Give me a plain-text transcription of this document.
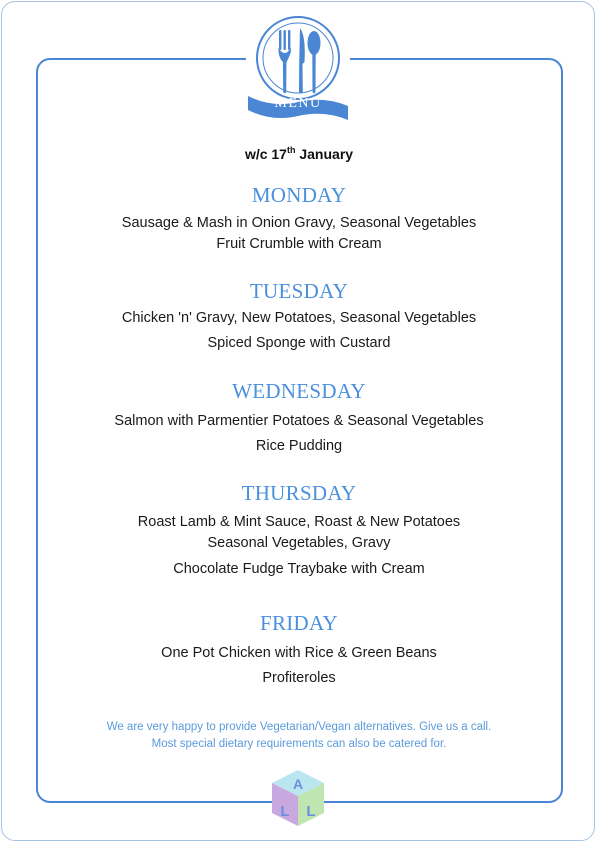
MENU
w/c 17th January
MONDAY
Sausage & Mash in Onion Gravy, Seasonal Vegetables
Fruit Crumble with Cream
TUESDAY
Chicken 'n' Gravy, New Potatoes, Seasonal Vegetables
Spiced Sponge with Custard
WEDNESDAY
Salmon with Parmentier Potatoes & Seasonal Vegetables
Rice Pudding
THURSDAY
Roast Lamb & Mint Sauce, Roast & New Potatoes
Seasonal Vegetables, Gravy
Chocolate Fudge Traybake with Cream
FRIDAY
One Pot Chicken with Rice & Green Beans
Profiteroles
We are very happy to provide Vegetarian/Vegan alternatives. Give us a call.
Most special dietary requirements can also be catered for.
A
L L
